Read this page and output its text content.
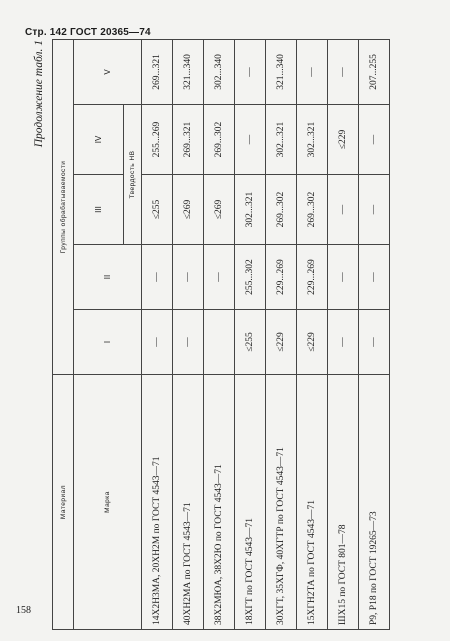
Стр. 142 ГОСТ 20365—74
Продолжение табл. 1
Материал	Группы обрабатываемости				
Марка	I	II	III	IV	V
			Твердость НВ		
14Х2Н3МА, 20ХН2М по ГОСТ 4543—71	—	—	≤255	255...269	269...321
40ХН2МА по ГОСТ 4543—71	—	—	≤269	269...321	321...340
38Х2МЮА, 38Х2Ю по ГОСТ 4543—71		—	≤269	269...302	302...340
18ХГТ по ГОСТ 4543—71	≤255	255...302	302...321	—	—
30ХГТ, 35ХГФ, 40ХГТР по ГОСТ 4543—71	≤229	229...269	269...302	302...321	321...340
15ХГН2ТА по ГОСТ 4543—71	≤229	229...269	269...302	302...321	—
ШХ15 по ГОСТ 801—78	—	—	—	≤229	—
Р9, Р18 по ГОСТ 19265—73	—	—	—	—	207...255
158
